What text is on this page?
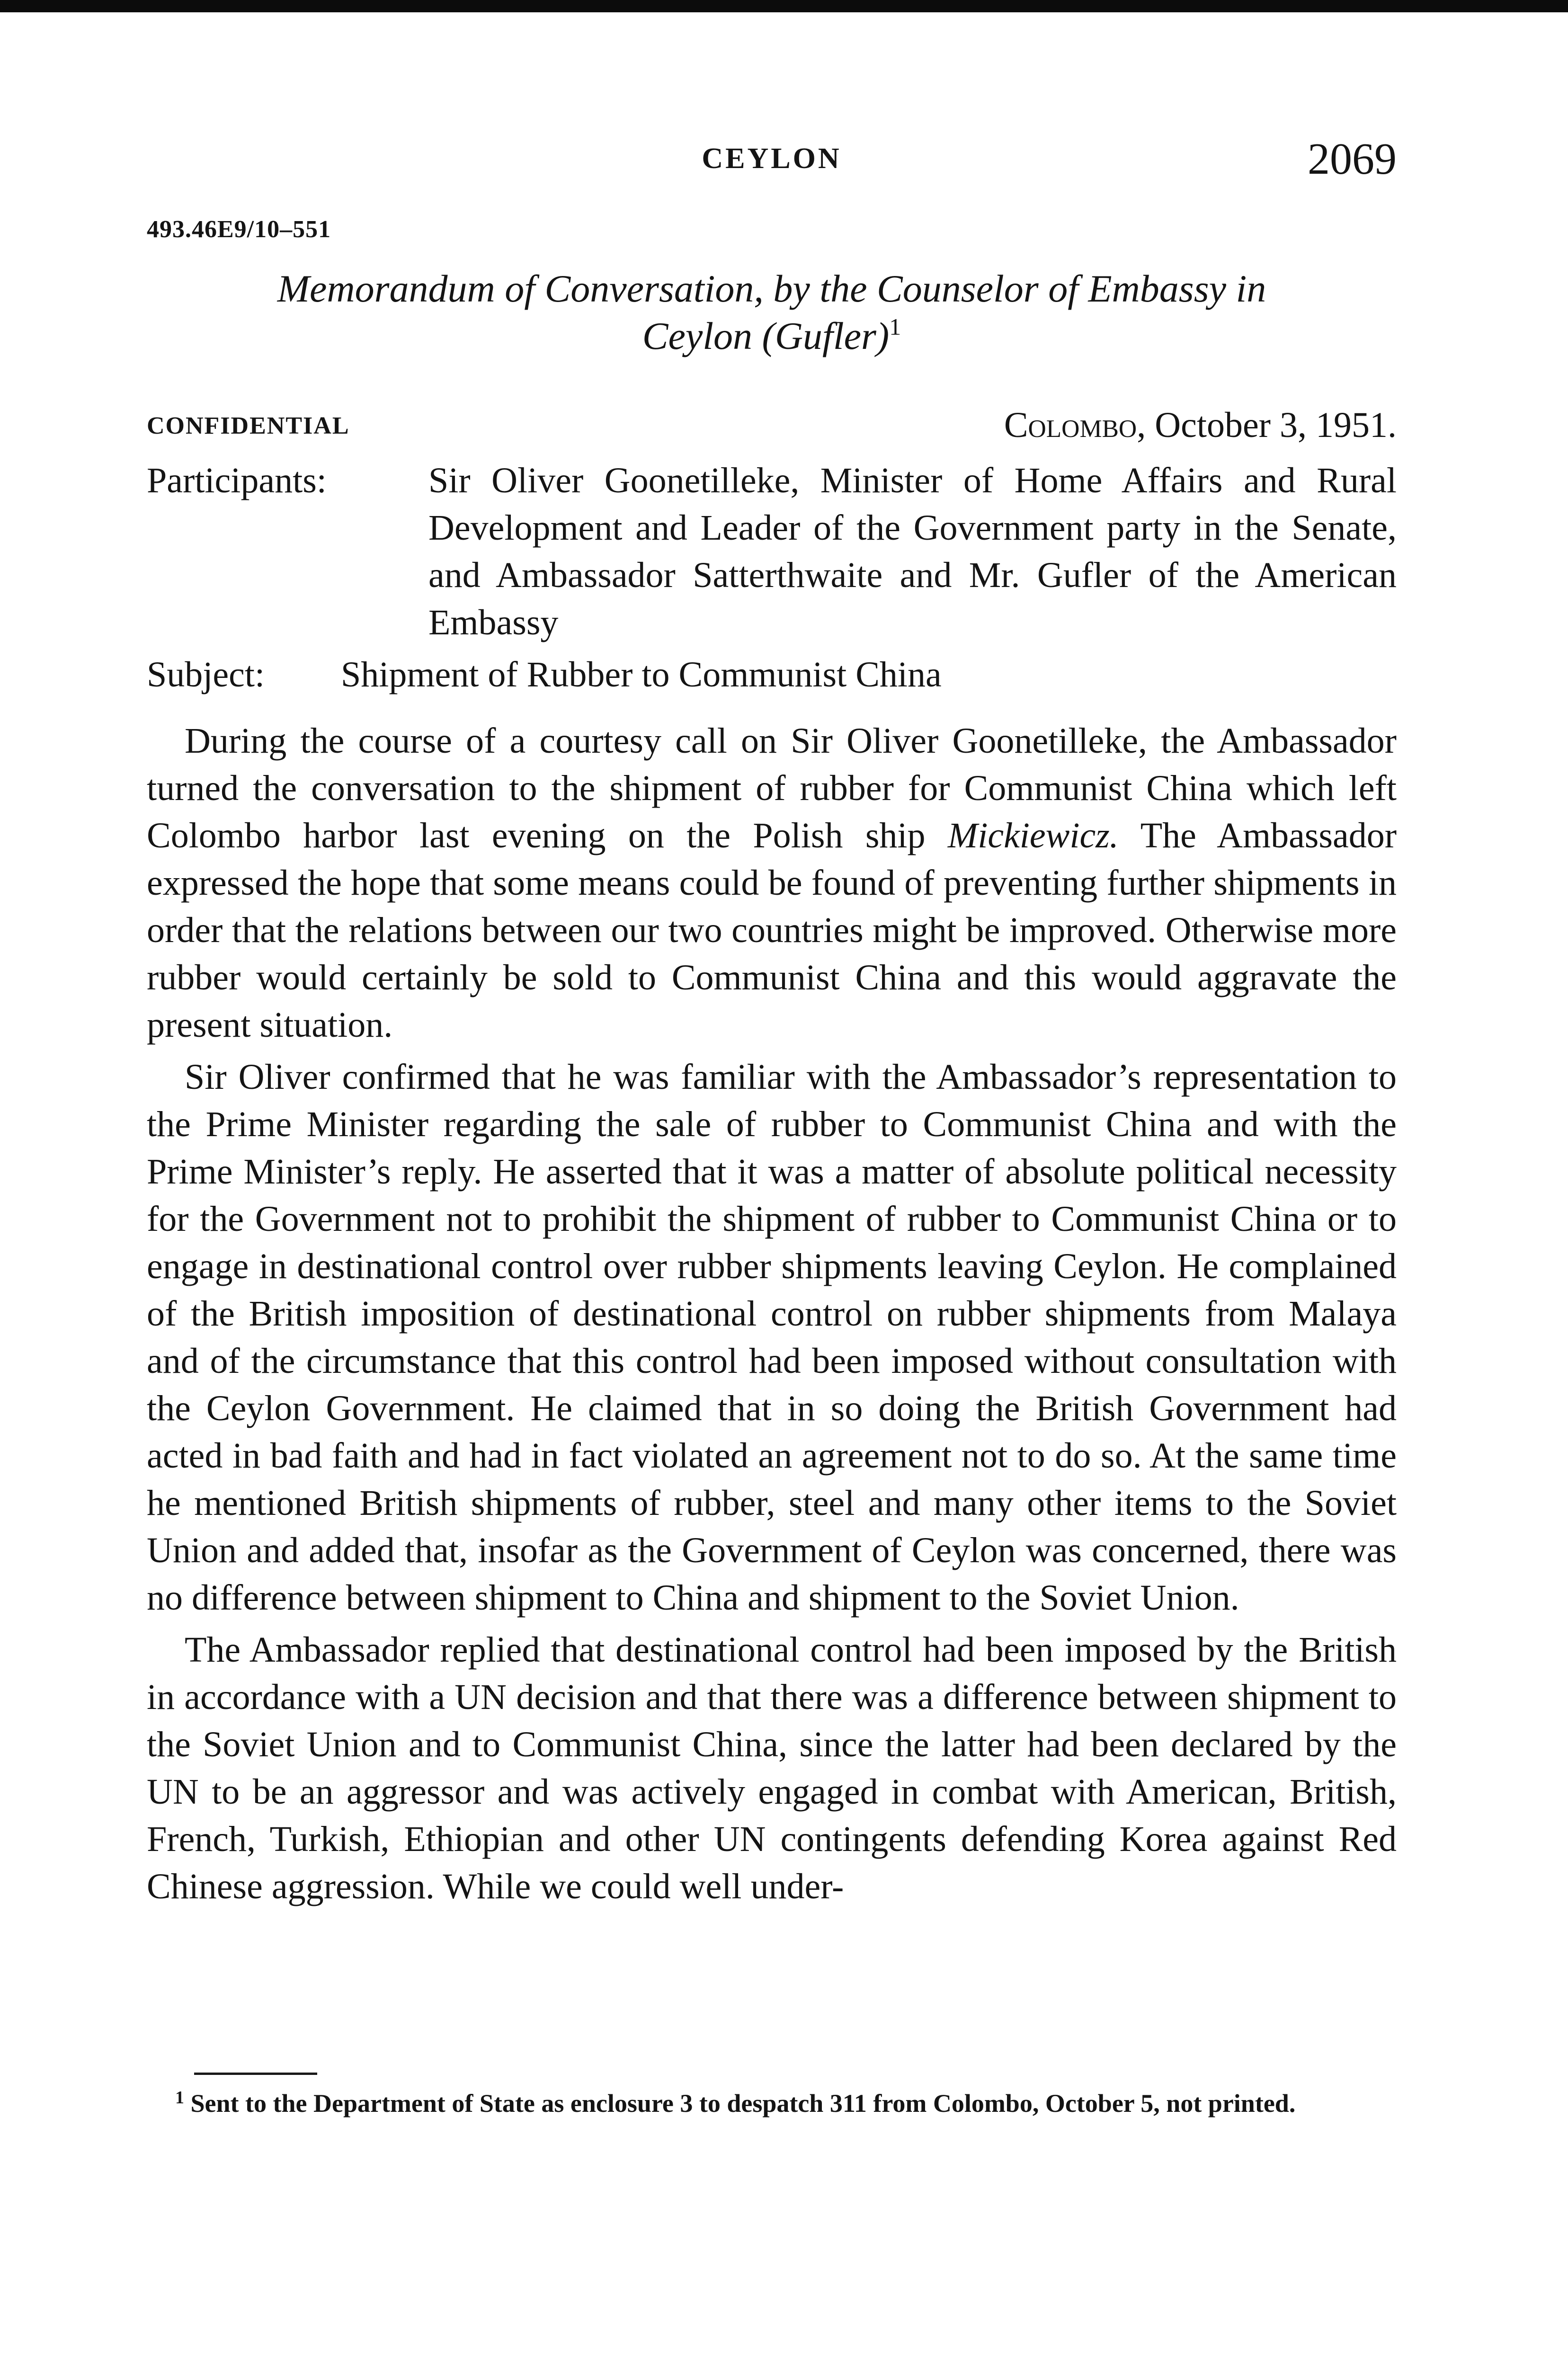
CEYLON	2069
493.46E9/10–551
Memorandum of Conversation, by the Counselor of Embassy in
Ceylon (Gufler)$^1$
CONFIDENTIAL	Colombo, October 3, 1951.
Participants:	Sir Oliver Goonetilleke, Minister of Home Affairs and Rural Development and Leader of the Government party in the Senate, and Ambassador Satterthwaite and Mr. Gufler of the American Embassy
Subject: Shipment of Rubber to Communist China

During the course of a courtesy call on Sir Oliver Goonetilleke, the Ambassador turned the conversation to the shipment of rubber for Communist China which left Colombo harbor last evening on the Polish ship Mickiewicz. The Ambassador expressed the hope that some means could be found of preventing further shipments in order that the relations between our two countries might be improved. Otherwise more rubber would certainly be sold to Communist China and this would aggravate the present situation.

Sir Oliver confirmed that he was familiar with the Ambassador’s representation to the Prime Minister regarding the sale of rubber to Communist China and with the Prime Minister’s reply. He asserted that it was a matter of absolute political necessity for the Government not to prohibit the shipment of rubber to Communist China or to engage in destinational control over rubber shipments leaving Ceylon. He complained of the British imposition of destinational control on rubber shipments from Malaya and of the circumstance that this control had been imposed without consultation with the Ceylon Government. He claimed that in so doing the British Government had acted in bad faith and had in fact violated an agreement not to do so. At the same time he mentioned British shipments of rubber, steel and many other items to the Soviet Union and added that, insofar as the Government of Ceylon was concerned, there was no difference between shipment to China and shipment to the Soviet Union.

The Ambassador replied that destinational control had been imposed by the British in accordance with a UN decision and that there was a difference between shipment to the Soviet Union and to Communist China, since the latter had been declared by the UN to be an aggressor and was actively engaged in combat with American, British, French, Turkish, Ethiopian and other UN contingents defending Korea against Red Chinese aggression. While we could well under-

$^1$ Sent to the Department of State as enclosure 3 to despatch 311 from Colombo, October 5, not printed.
